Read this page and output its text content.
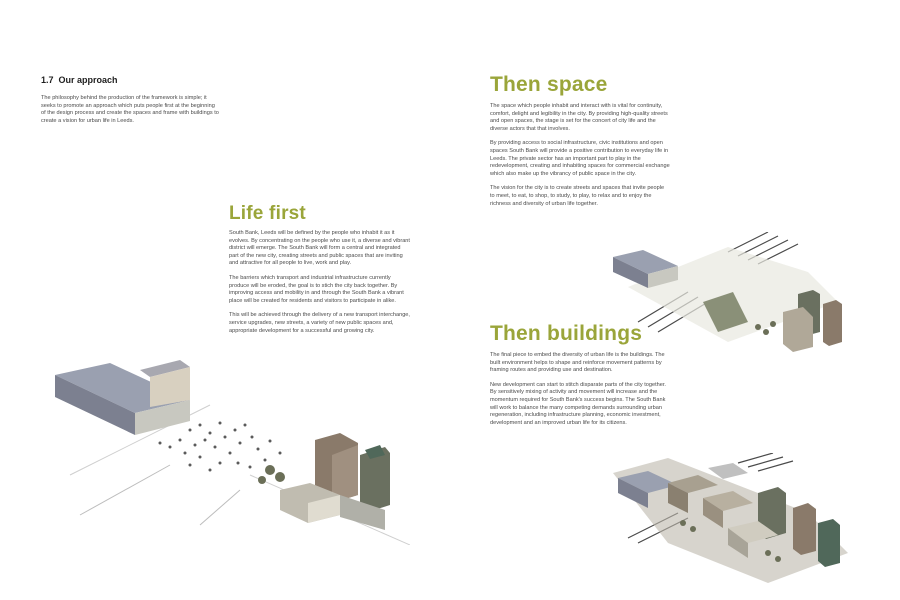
1.7 Our approach
The philosophy behind the production of the framework is simple; it seeks to promote an approach which puts people first at the beginning of the design process and create the spaces and frame with buildings to create a vision for urban life in Leeds.
Life first

South Bank, Leeds will be defined by the people who inhabit it as it evolves. By concentrating on the people who use it, a diverse and vibrant district will emerge. The South Bank will form a central and integrated part of the new city, creating streets and public spaces that are inviting and attractive for all people to live, work and play.

The barriers which transport and industrial infrastructure currently produce will be eroded, the goal is to stich the city back together. By improving access and mobility in and through the South Bank a vibrant place will be created for residents and visitors to participate in alike.

This will be achieved through the delivery of a new transport interchange, service upgrades, new streets, a variety of new public spaces and, appropriate development for a successful and growing city.

Then space

The space which people inhabit and interact with is vital for continuity, comfort, delight and legibility in the city. By providing high-quality streets and open spaces, the stage is set for the concert of city life and the diverse actors that that involves.

By providing access to social infrastructure, civic institutions and open spaces South Bank will provide a positive contribution to everyday life in Leeds. The private sector has an important part to play in the redevelopment, creating and inhabiting spaces for commercial exchange which also make up the vibrancy of public space in the city.

The vision for the city is to create streets and spaces that invite people to meet, to eat, to shop, to study, to play, to relax and to enjoy the richness and diversity of urban life together.

Then buildings

The final piece to embed the diversity of urban life is the buildings. The built environment helps to shape and reinforce movement patterns by framing routes and providing use and destination.

New development can start to stitch disparate parts of the city together. By sensitively mixing of activity and movement will increase and the momentum required for South Bank's success begins. The South Bank will work to balance the many competing demands surrounding urban regeneration, including infrastructure planning, economic investment, development and an improved urban life for its citizens.
